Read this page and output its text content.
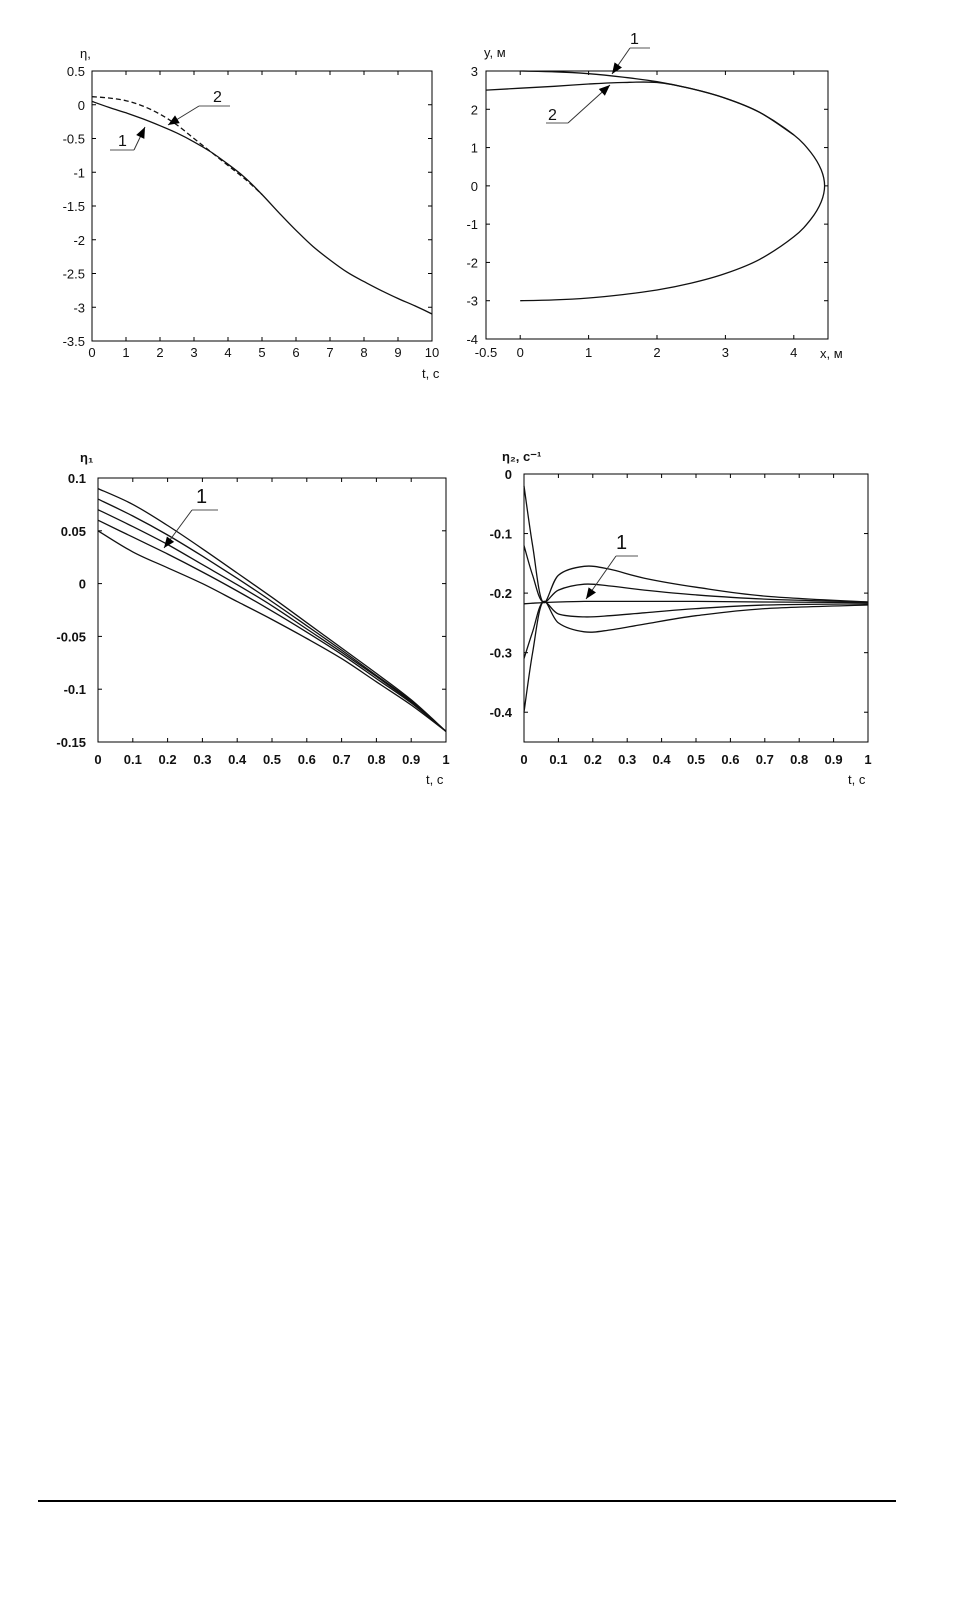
0 1 2 3 4 5 6 7 8 9 10
0.5
0
-0.5
-1
-1.5
-2
-2.5
-3
-3.5
η,
t, c
1
2
-0.5 0	1	2	3	4
3
2
1
0
-1
-2
-3
-4
y, м
x, м
1
2
0 0.1 0.2 0.3 0.4 0.5 0.6 0.7 0.8 0.9 1
0.1
0.05
0
-0.05
-0.1
-0.15
η₁
t, c
1
0 0.1 0.2 0.3 0.4 0.5 0.6 0.7 0.8 0.9 1
0
-0.1
-0.2
-0.3
-0.4
η₂, c⁻¹
t, c
1
